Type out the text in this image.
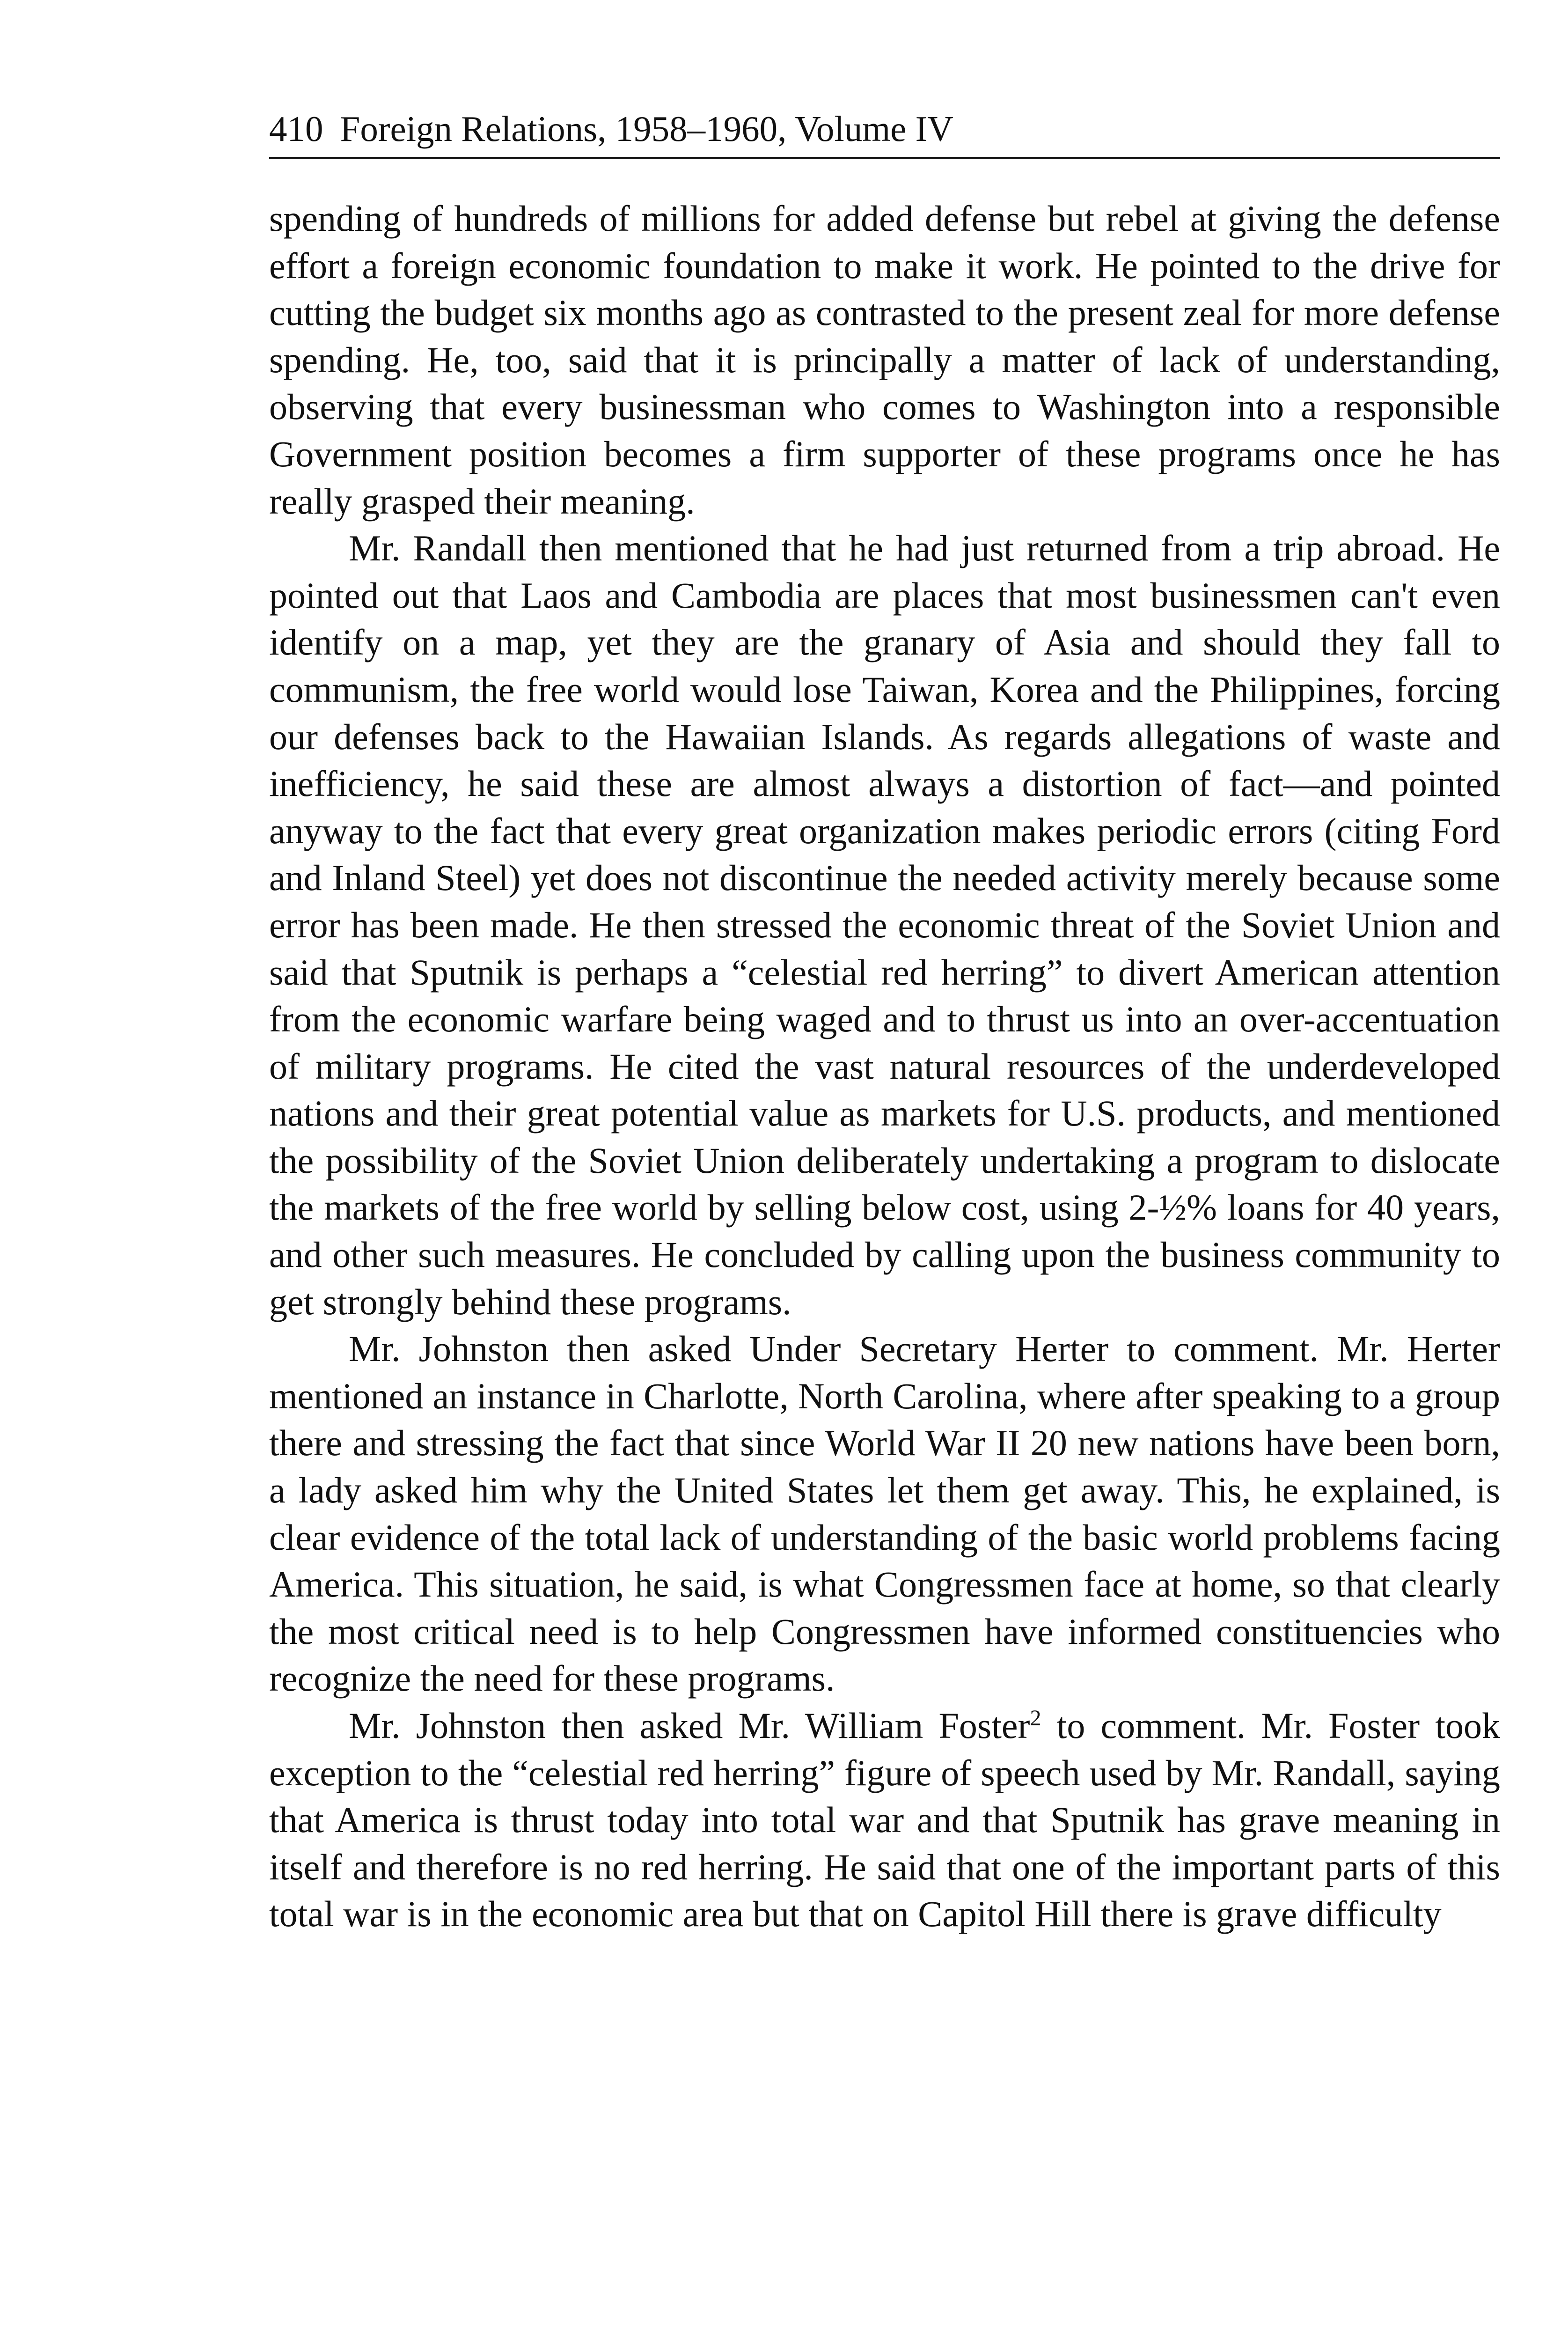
410 Foreign Relations, 1958–1960, Volume IV

spending of hundreds of millions for added defense but rebel at giving the defense effort a foreign economic foundation to make it work. He pointed to the drive for cutting the budget six months ago as contrasted to the present zeal for more defense spending. He, too, said that it is principally a matter of lack of understanding, observing that every businessman who comes to Washington into a responsible Government position becomes a firm supporter of these programs once he has really grasped their meaning.

Mr. Randall then mentioned that he had just returned from a trip abroad. He pointed out that Laos and Cambodia are places that most businessmen can't even identify on a map, yet they are the granary of Asia and should they fall to communism, the free world would lose Taiwan, Korea and the Philippines, forcing our defenses back to the Hawaiian Islands. As regards allegations of waste and inefficiency, he said these are almost always a distortion of fact—and pointed anyway to the fact that every great organization makes periodic errors (citing Ford and Inland Steel) yet does not discontinue the needed activity merely because some error has been made. He then stressed the economic threat of the Soviet Union and said that Sputnik is perhaps a “celestial red herring” to divert American attention from the economic warfare being waged and to thrust us into an over-accentuation of military programs. He cited the vast natural resources of the underdeveloped nations and their great potential value as markets for U.S. products, and mentioned the possibility of the Soviet Union deliberately undertaking a program to dislocate the markets of the free world by selling below cost, using 2-½% loans for 40 years, and other such measures. He concluded by calling upon the business community to get strongly behind these programs.

Mr. Johnston then asked Under Secretary Herter to comment. Mr. Herter mentioned an instance in Charlotte, North Carolina, where after speaking to a group there and stressing the fact that since World War II 20 new nations have been born, a lady asked him why the United States let them get away. This, he explained, is clear evidence of the total lack of understanding of the basic world problems facing America. This situation, he said, is what Congressmen face at home, so that clearly the most critical need is to help Congressmen have informed constituencies who recognize the need for these programs.

Mr. Johnston then asked Mr. William Foster$^2$ to comment. Mr. Foster took exception to the “celestial red herring” figure of speech used by Mr. Randall, saying that America is thrust today into total war and that Sputnik has grave meaning in itself and therefore is no red herring. He said that one of the important parts of this total war is in the economic area but that on Capitol Hill there is grave difficulty
